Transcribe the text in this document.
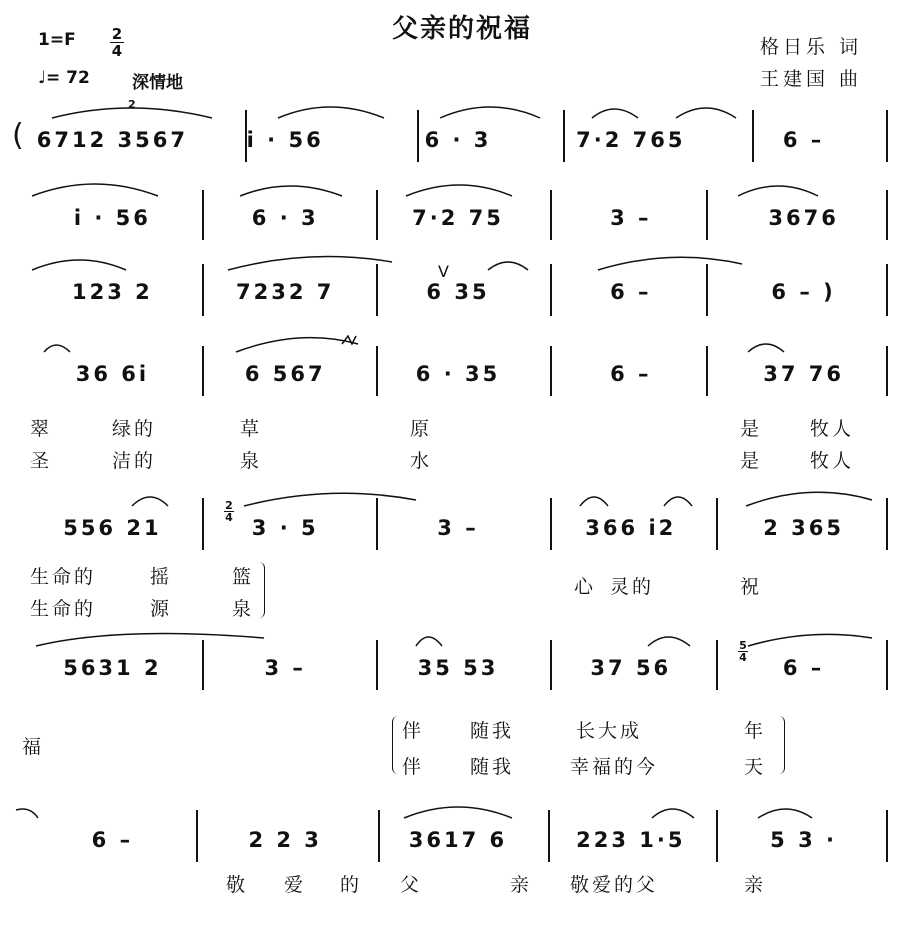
父亲的祝福
1=F 2
4
♩= 72 深情地
格日乐 词
王建国 曲
(
2
6712 3567	i · 56	6 · 3	7·2 765	6 –
i · 56	6 · 3	7·2 75	3 –	3676
123 2	7232 7	6 35	6 –	6 – )
V
36 6i	6 567	6 · 35	6 –	37 76
翠	绿的	草	原	是	牧人
圣	洁的	泉	水	是	牧人
2
4
556 21	3 · 5	3 –	366 i2	2 365
生命的	摇	篮
生命的	源	泉
心 灵的	祝
5
4
5631 2	3 –	35 53	37 56	6 –
福
伴 随我	长大成	年
伴 随我	幸福的今	天
6 –	2 2 3	3617 6	223 1·5	5 3 ·
敬 爱 的 父	亲 敬爱的父	亲
